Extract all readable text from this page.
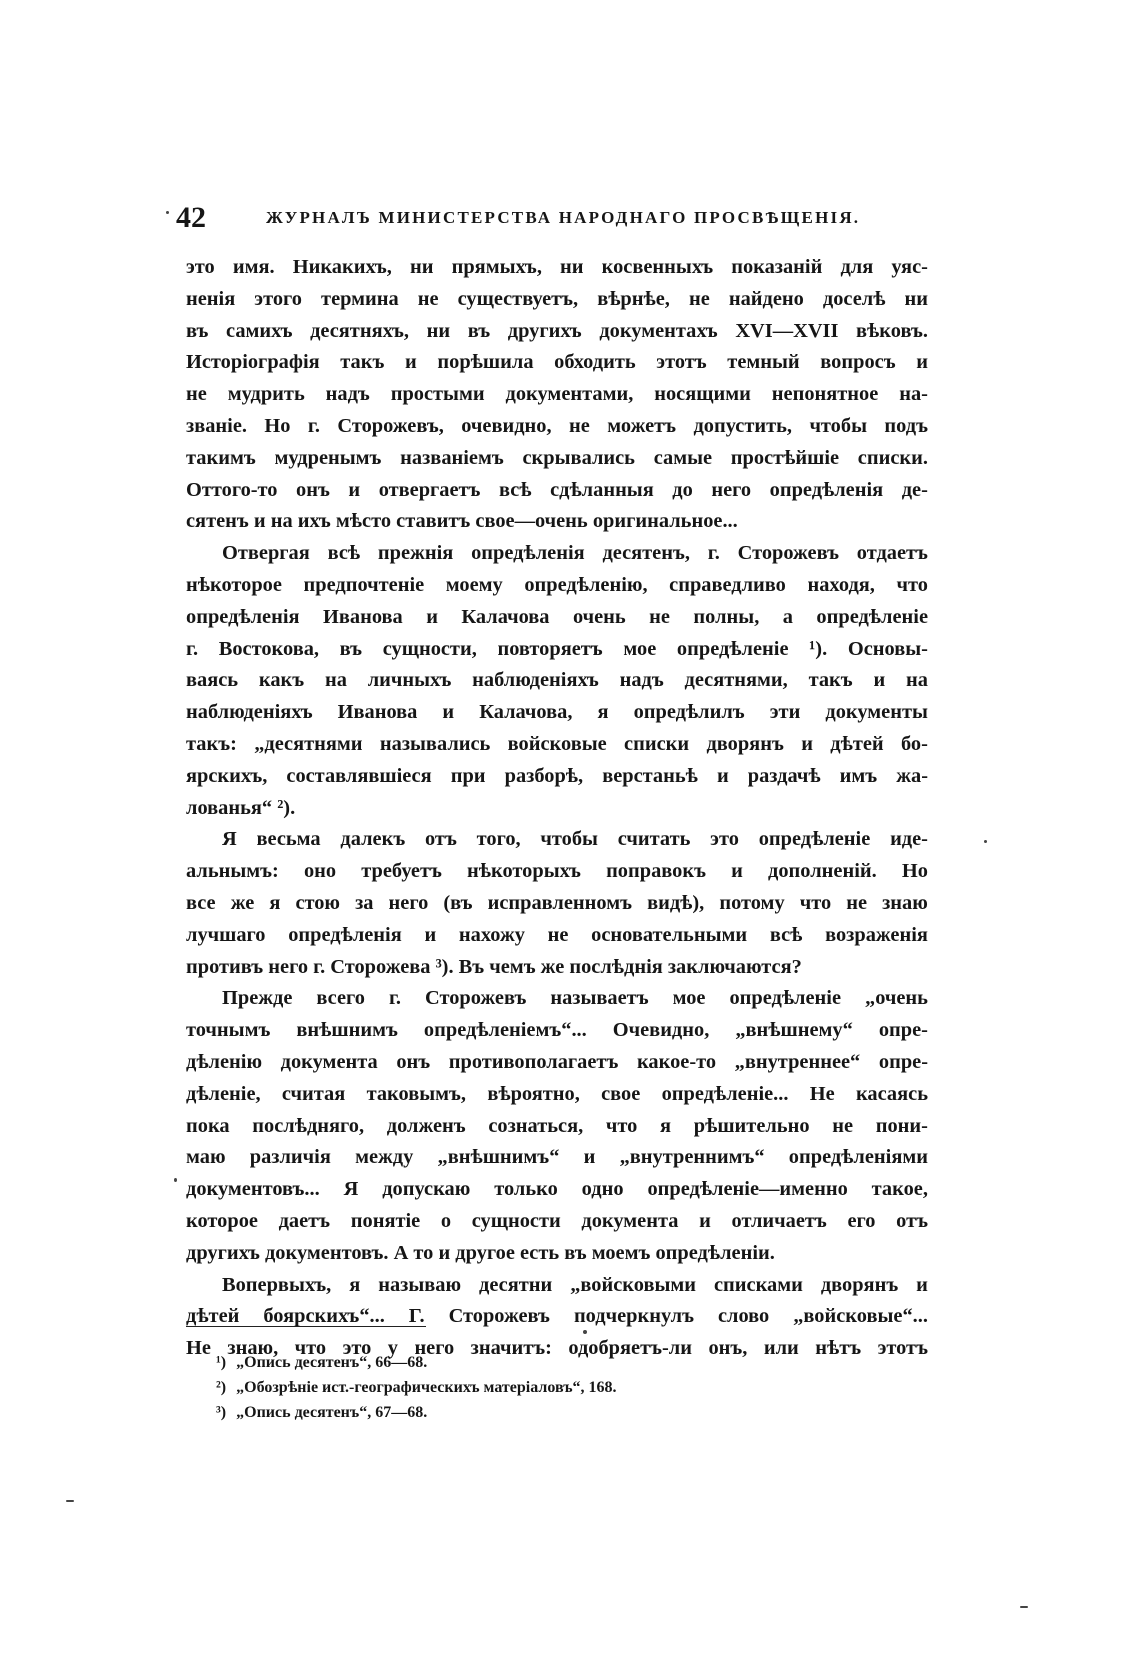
42	ЖУРНАЛЪ МИНИСТЕРСТВА НАРОДНАГО ПРОСВѢЩЕНІЯ.
это имя. Никакихъ, ни прямыхъ, ни косвенныхъ показаній для уяс-
ненія этого термина не существуетъ, вѣрнѣе, не найдено доселѣ ни
въ самихъ десятняхъ, ни въ другихъ документахъ XVI—XVII вѣковъ.
Исторіографія такъ и порѣшила обходить этотъ темный вопросъ и
не мудрить надъ простыми документами, носящими непонятное на-
званіе. Но г. Сторожевъ, очевидно, не можетъ допустить, чтобы подъ
такимъ мудренымъ названіемъ скрывались самые простѣйшіе списки.
Оттого-то онъ и отвергаетъ всѣ сдѣланныя до него опредѣленія де-
сятенъ и на ихъ мѣсто ставитъ свое—очень оригинальное...
Отвергая всѣ прежнія опредѣленія десятенъ, г. Сторожевъ отдаетъ
нѣкоторое предпочтеніе моему опредѣленію, справедливо находя, что
опредѣленія Иванова и Калачова очень не полны, а опредѣленіе
г. Востокова, въ сущности, повторяетъ мое опредѣленіе ¹). Основы-
ваясь какъ на личныхъ наблюденіяхъ надъ десятнями, такъ и на
наблюденіяхъ Иванова и Калачова, я опредѣлилъ эти документы
такъ: „десятнями назывались войсковые списки дворянъ и дѣтей бо-
ярскихъ, составлявшіеся при разборѣ, верстаньѣ и раздачѣ имъ жа-
лованья“ ²).
Я весьма далекъ отъ того, чтобы считать это опредѣленіе иде-
альнымъ: оно требуетъ нѣкоторыхъ поправокъ и дополненій. Но
все же я стою за него (въ исправленномъ видѣ), потому что не знаю
лучшаго опредѣленія и нахожу не основательными всѣ возраженія
противъ него г. Сторожева ³). Въ чемъ же послѣднія заключаются?
Прежде всего г. Сторожевъ называетъ мое опредѣленіе „очень
точнымъ внѣшнимъ опредѣленіемъ“... Очевидно, „внѣшнему“ опре-
дѣленію документа онъ противополагаетъ какое-то „внутреннее“ опре-
дѣленіе, считая таковымъ, вѣроятно, свое опредѣленіе... Не касаясь
пока послѣдняго, долженъ сознаться, что я рѣшительно не пони-
маю различія между „внѣшнимъ“ и „внутреннимъ“ опредѣленіями
документовъ... Я допускаю только одно опредѣленіе—именно такое,
которое даетъ понятіе о сущности документа и отличаетъ его отъ
другихъ документовъ. А то и другое есть въ моемъ опредѣленіи.
Вопервыхъ, я называю десятни „войсковыми списками дворянъ и
дѣтей боярскихъ“... Г. Сторожевъ подчеркнулъ слово „войсковые“...
Не знаю, что это у него значитъ: одобряетъ-ли онъ, или нѣтъ этотъ
¹) „Опись десятенъ“, 66—68.
²) „Обозрѣніе ист.-географическихъ матеріаловъ“, 168.
³) „Опись десятенъ“, 67—68.
